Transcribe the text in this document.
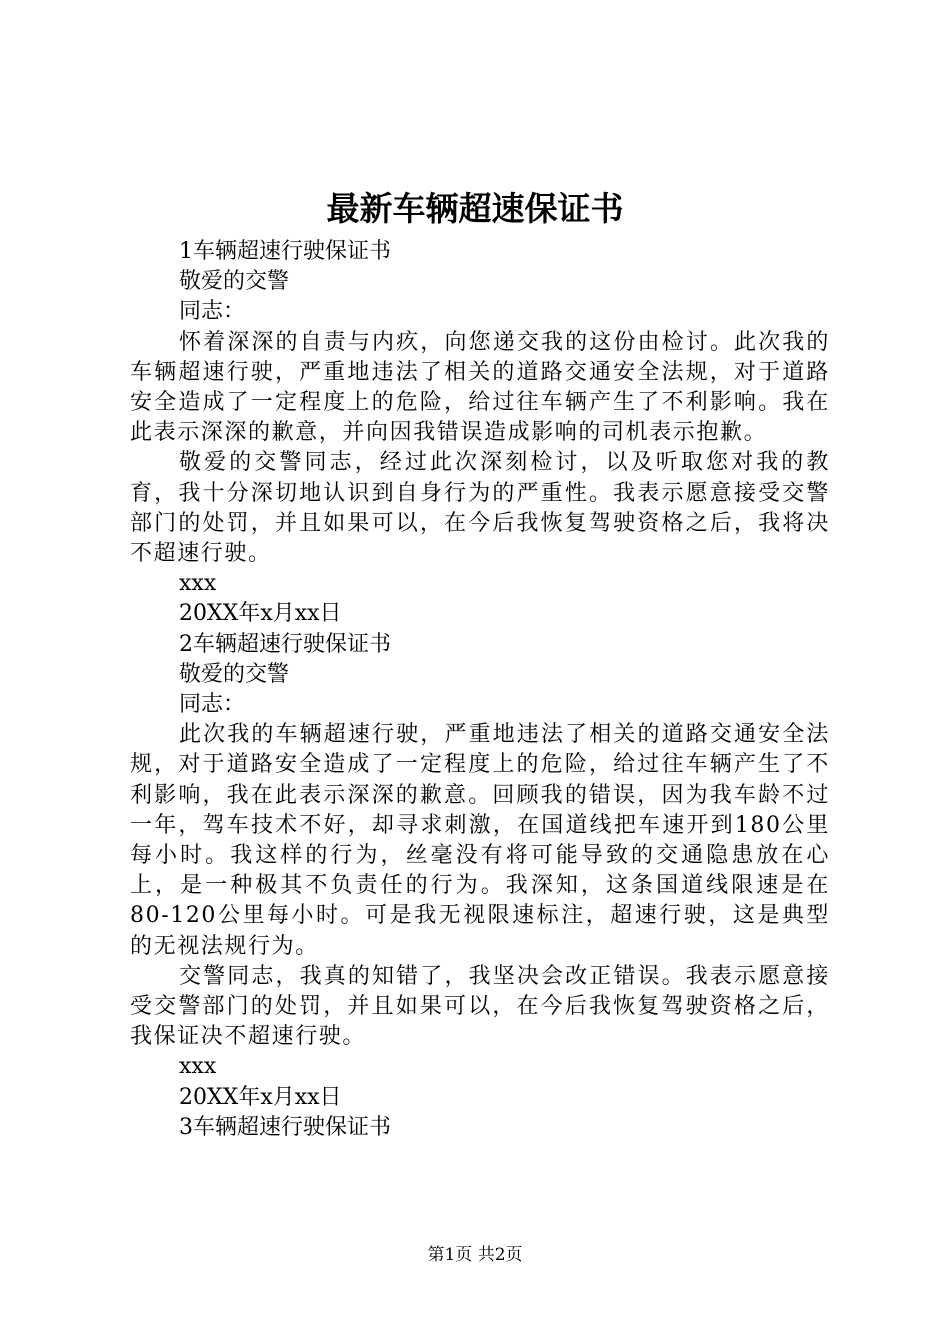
最新车辆超速保证书

1车辆超速行驶保证书

敬爱的交警

同志：

怀着深深的自责与内疚，向您递交我的这份由检讨。此次我的车辆超速行驶，严重地违法了相关的道路交通安全法规，对于道路安全造成了一定程度上的危险，给过往车辆产生了不利影响。我在此表示深深的歉意，并向因我错误造成影响的司机表示抱歉。

敬爱的交警同志，经过此次深刻检讨，以及听取您对我的教育，我十分深切地认识到自身行为的严重性。我表示愿意接受交警部门的处罚，并且如果可以，在今后我恢复驾驶资格之后，我将决不超速行驶。

xxx

20XX年x月xx日

2车辆超速行驶保证书

敬爱的交警

同志：

此次我的车辆超速行驶，严重地违法了相关的道路交通安全法规，对于道路安全造成了一定程度上的危险，给过往车辆产生了不利影响，我在此表示深深的歉意。回顾我的错误，因为我车龄不过一年，驾车技术不好，却寻求刺激，在国道线把车速开到180公里每小时。我这样的行为，丝毫没有将可能导致的交通隐患放在心上，是一种极其不负责任的行为。我深知，这条国道线限速是在80-120公里每小时。可是我无视限速标注，超速行驶，这是典型的无视法规行为。

交警同志，我真的知错了，我坚决会改正错误。我表示愿意接受交警部门的处罚，并且如果可以，在今后我恢复驾驶资格之后，我保证决不超速行驶。

xxx

20XX年x月xx日

3车辆超速行驶保证书

第1页 共2页
